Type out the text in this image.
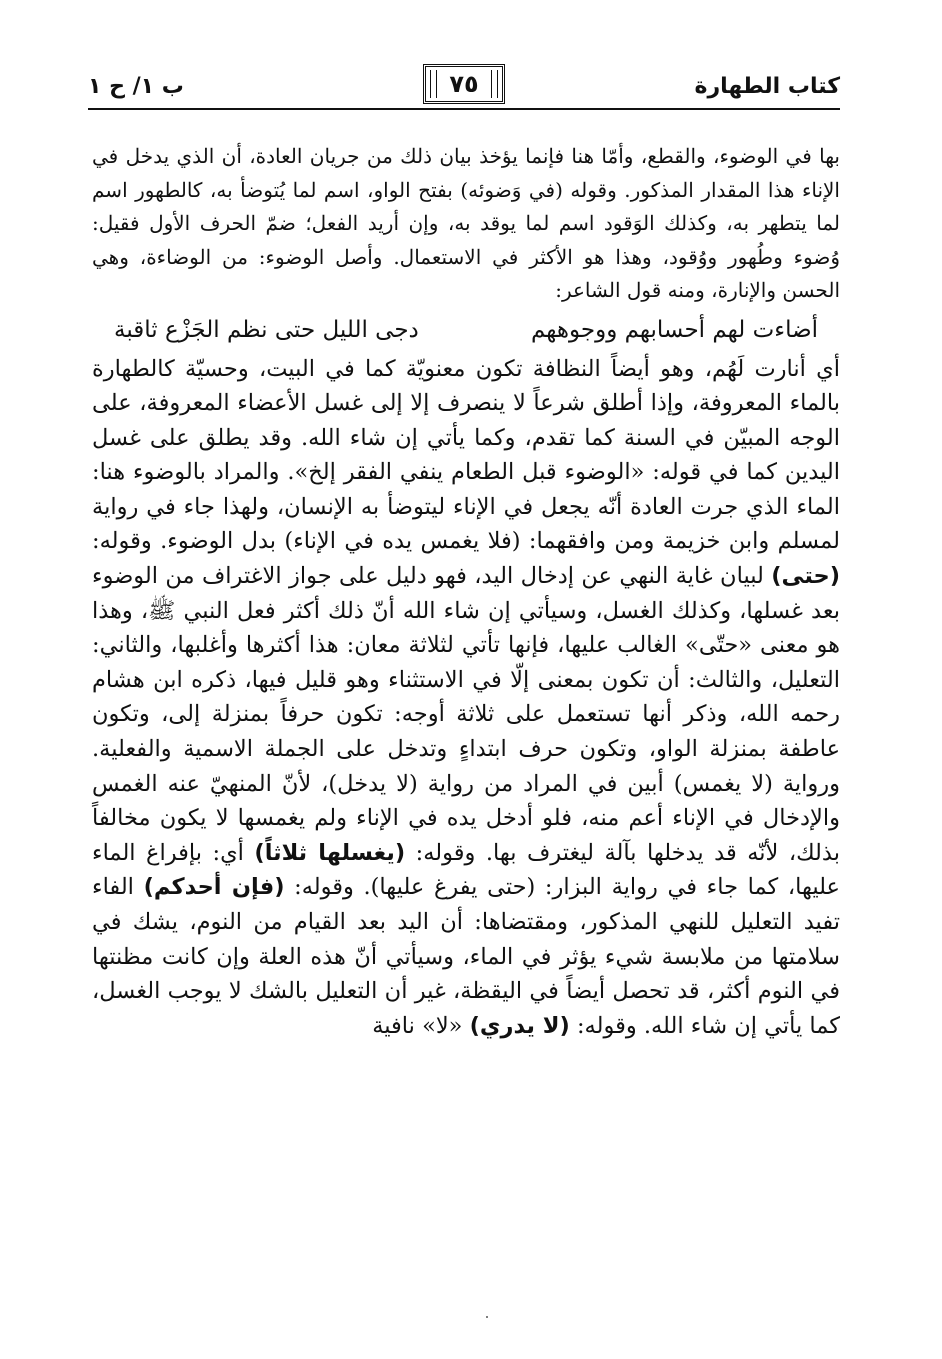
كتاب الطهارة
٧٥
ب ١/ ح ١

بها في الوضوء، والقطع، وأمّا هنا فإنما يؤخذ بيان ذلك من جريان العادة، أن الذي يدخل في الإناء هذا المقدار المذكور. وقوله (في وَضوئه) بفتح الواو، اسم لما يُتوضأ به، كالطهور اسم لما يتطهر به، وكذلك الوَقود اسم لما يوقد به، وإن أريد الفعل؛ ضمّ الحرف الأول فقيل: وُضوء وطُهور ووُقود، وهذا هو الأكثر في الاستعمال. وأصل الوضوء: من الوضاءة، وهي الحسن والإنارة، ومنه قول الشاعر:

أضاءت لهم أحسابهم ووجوههم
دجى الليل حتى نظم الجَزْع ثاقبة

أي أنارت لَهُم، وهو أيضاً النظافة تكون معنويّة كما في البيت، وحسيّة كالطهارة بالماء المعروفة، وإذا أطلق شرعاً لا ينصرف إلا إلى غسل الأعضاء المعروفة، على الوجه المبيّن في السنة كما تقدم، وكما يأتي إن شاء الله. وقد يطلق على غسل اليدين كما في قوله: «الوضوء قبل الطعام ينفي الفقر إلخ». والمراد بالوضوء هنا: الماء الذي جرت العادة أنّه يجعل في الإناء ليتوضأ به الإنسان، ولهذا جاء في رواية لمسلم وابن خزيمة ومن وافقهما: (فلا يغمس يده في الإناء) بدل الوضوء. وقوله: (حتى) لبيان غاية النهي عن إدخال اليد، فهو دليل على جواز الاغتراف من الوضوء بعد غسلها، وكذلك الغسل، وسيأتي إن شاء الله أنّ ذلك أكثر فعل النبي ﷺ، وهذا هو معنى «حتّى» الغالب عليها، فإنها تأتي لثلاثة معان: هذا أكثرها وأغلبها، والثاني: التعليل، والثالث: أن تكون بمعنى إلّا في الاستثناء وهو قليل فيها، ذكره ابن هشام رحمه الله، وذكر أنها تستعمل على ثلاثة أوجه: تكون حرفاً بمنزلة إلى، وتكون عاطفة بمنزلة الواو، وتكون حرف ابتداءٍ وتدخل على الجملة الاسمية والفعلية. ورواية (لا يغمس) أبين في المراد من رواية (لا يدخل)، لأنّ المنهيّ عنه الغمس والإدخال في الإناء أعم منه، فلو أدخل يده في الإناء ولم يغمسها لا يكون مخالفاً بذلك، لأنّه قد يدخلها بآلة ليغترف بها. وقوله: (يغسلها ثلاثاً) أي: بإفراغ الماء عليها، كما جاء في رواية البزار: (حتى يفرغ عليها). وقوله: (فإن أحدكم) الفاء تفيد التعليل للنهي المذكور، ومقتضاها: أن اليد بعد القيام من النوم، يشك في سلامتها من ملابسة شيء يؤثر في الماء، وسيأتي أنّ هذه العلة وإن كانت مظنتها في النوم أكثر، قد تحصل أيضاً في اليقظة، غير أن التعليل بالشك لا يوجب الغسل، كما يأتي إن شاء الله. وقوله: (لا يدري) «لا» نافية
